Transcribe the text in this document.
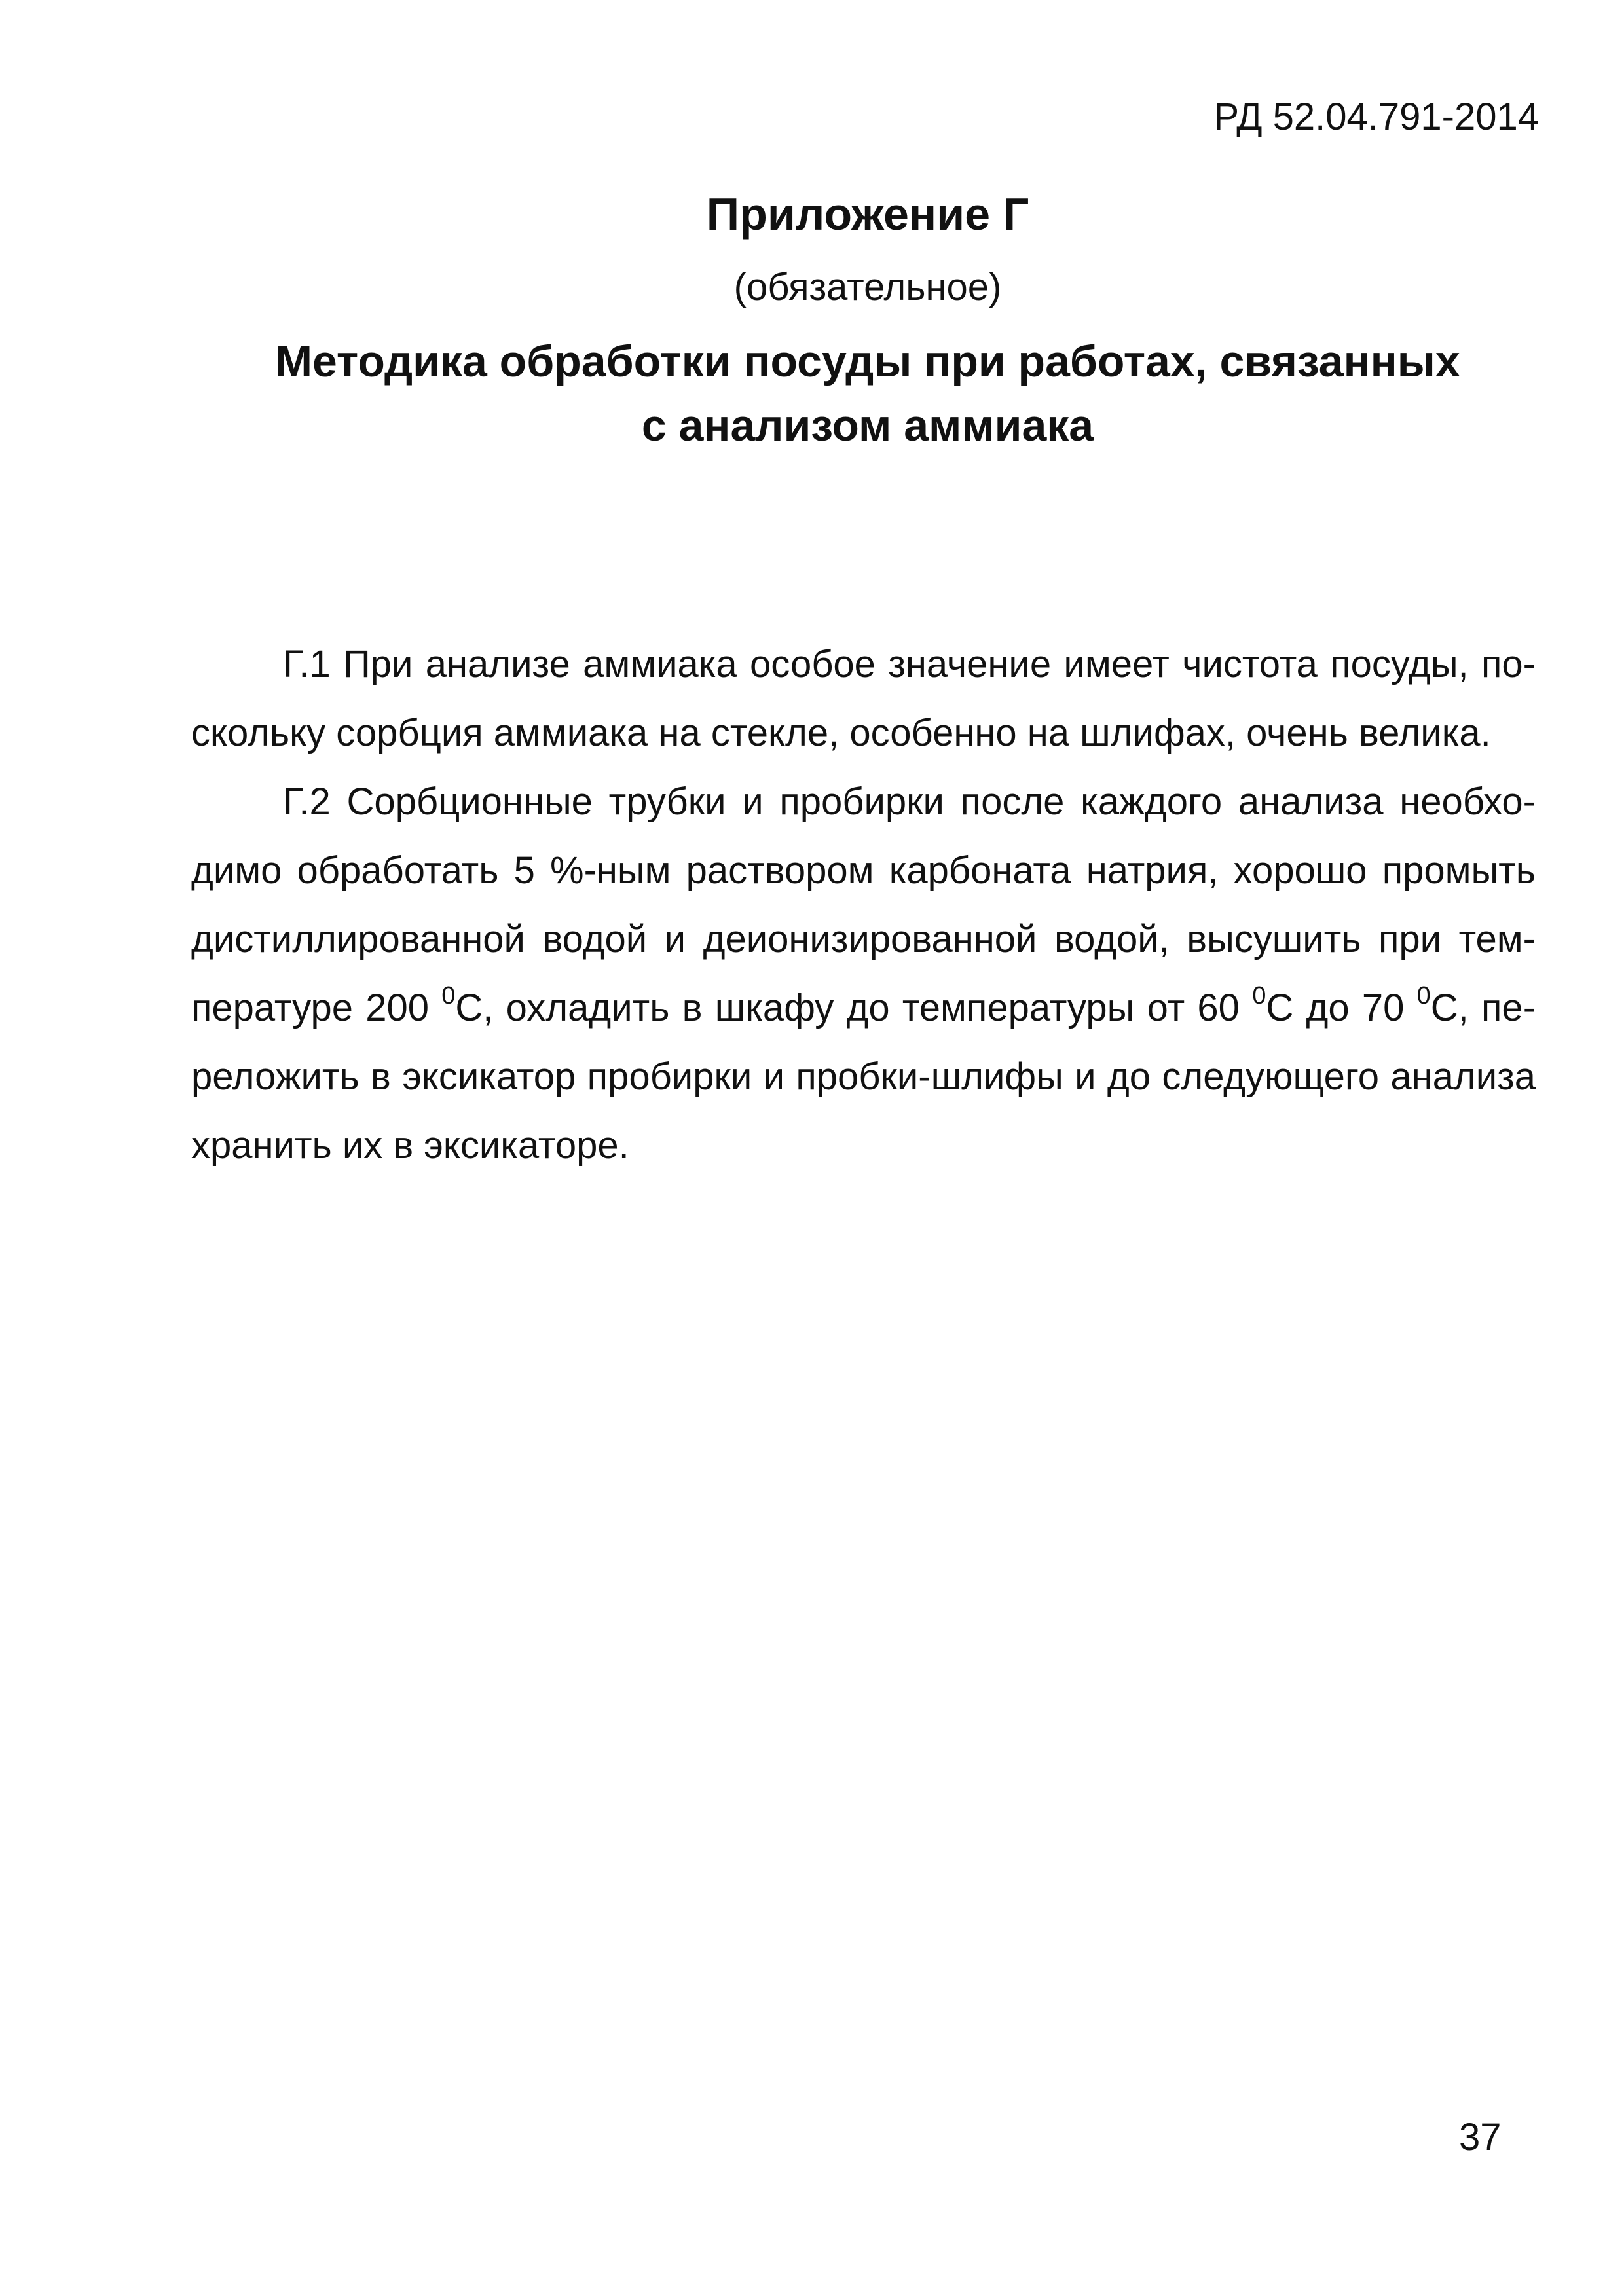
РД 52.04.791-2014
Приложение Г
(обязательное)
Методика обработки посуды при работах, связанных
с анализом аммиака
Г.1 При анализе аммиака особое значение имеет чистота посуды, по-
скольку сорбция аммиака на стекле, особенно на шлифах, очень велика.
Г.2 Сорбционные трубки и пробирки после каждого анализа необхо-
димо обработать 5 %-ным раствором карбоната натрия, хорошо промыть
дистиллированной водой и деионизированной водой, высушить при тем-
пературе 200 $^0$С, охладить в шкафу до температуры от 60 $^0$С до 70 $^0$С, пе-
реложить в эксикатор пробирки и пробки-шлифы и до следующего анализа
хранить их в эксикаторе.
37
